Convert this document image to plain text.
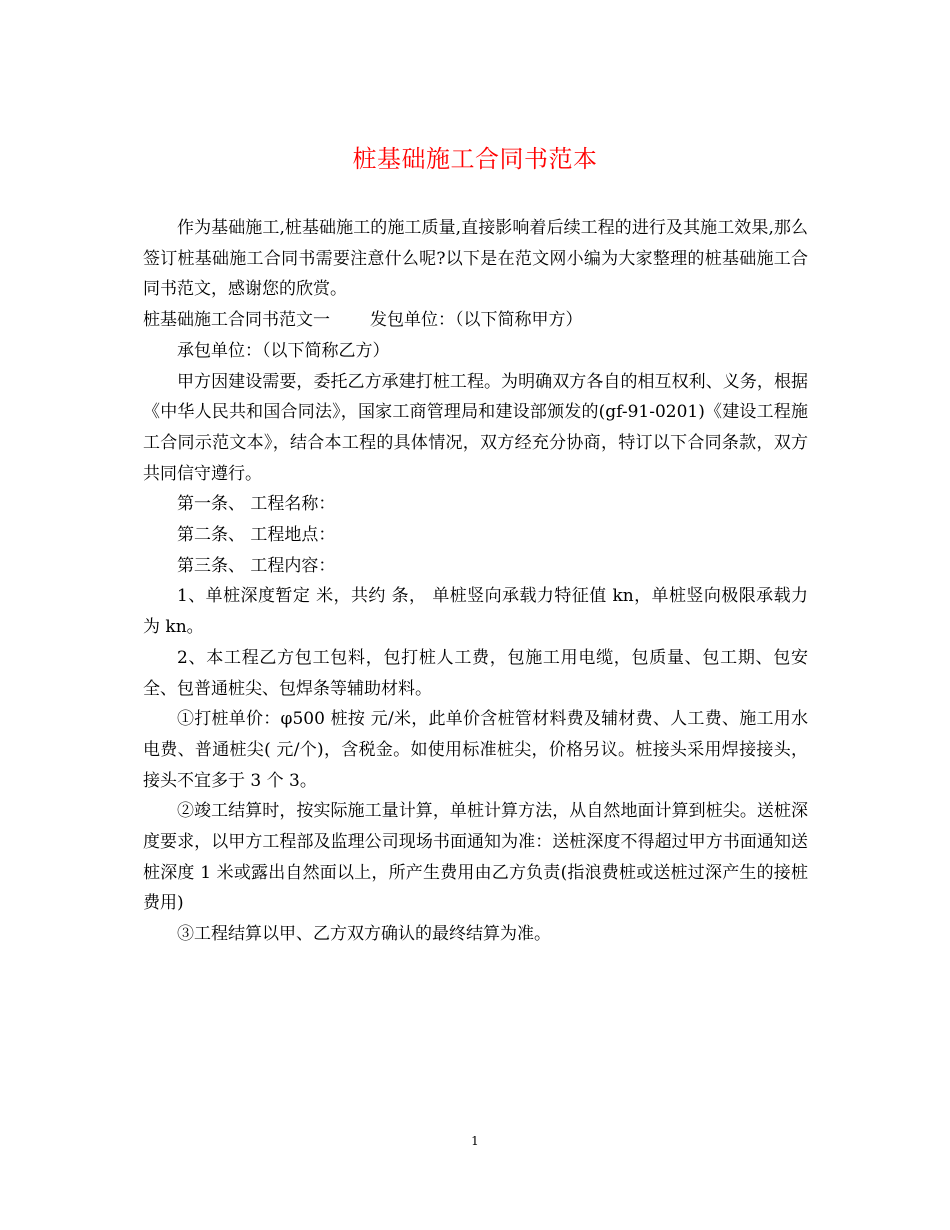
桩基础施工合同书范本

作为基础施工,桩基础施工的施工质量,直接影响着后续工程的进行及其施工效果,那么签订桩基础施工合同书需要注意什么呢?以下是在范文网小编为大家整理的桩基础施工合同书范文，感谢您的欣赏。

桩基础施工合同书范文一 发包单位：（以下简称甲方）

承包单位：（以下简称乙方）

甲方因建设需要，委托乙方承建打桩工程。为明确双方各自的相互权利、义务，根据《中华人民共和国合同法》，国家工商管理局和建设部颁发的(gf-91-0201)《建设工程施工合同示范文本》，结合本工程的具体情况，双方经充分协商，特订以下合同条款，双方共同信守遵行。

第一条、 工程名称：

第二条、 工程地点：

第三条、 工程内容：

1、单桩深度暂定 米，共约 条， 单桩竖向承载力特征值 kn，单桩竖向极限承载力为 kn。

2、本工程乙方包工包料，包打桩人工费，包施工用电缆，包质量、包工期、包安全、包普通桩尖、包焊条等辅助材料。

①打桩单价：φ500 桩按 元/米，此单价含桩管材料费及辅材费、人工费、施工用水电费、普通桩尖( 元/个)，含税金。如使用标准桩尖，价格另议。桩接头采用焊接接头，接头不宜多于 3 个 3。

②竣工结算时，按实际施工量计算，单桩计算方法，从自然地面计算到桩尖。送桩深度要求，以甲方工程部及监理公司现场书面通知为准：送桩深度不得超过甲方书面通知送桩深度 1 米或露出自然面以上，所产生费用由乙方负责(指浪费桩或送桩过深产生的接桩费用)

③工程结算以甲、乙方双方确认的最终结算为准。

1
